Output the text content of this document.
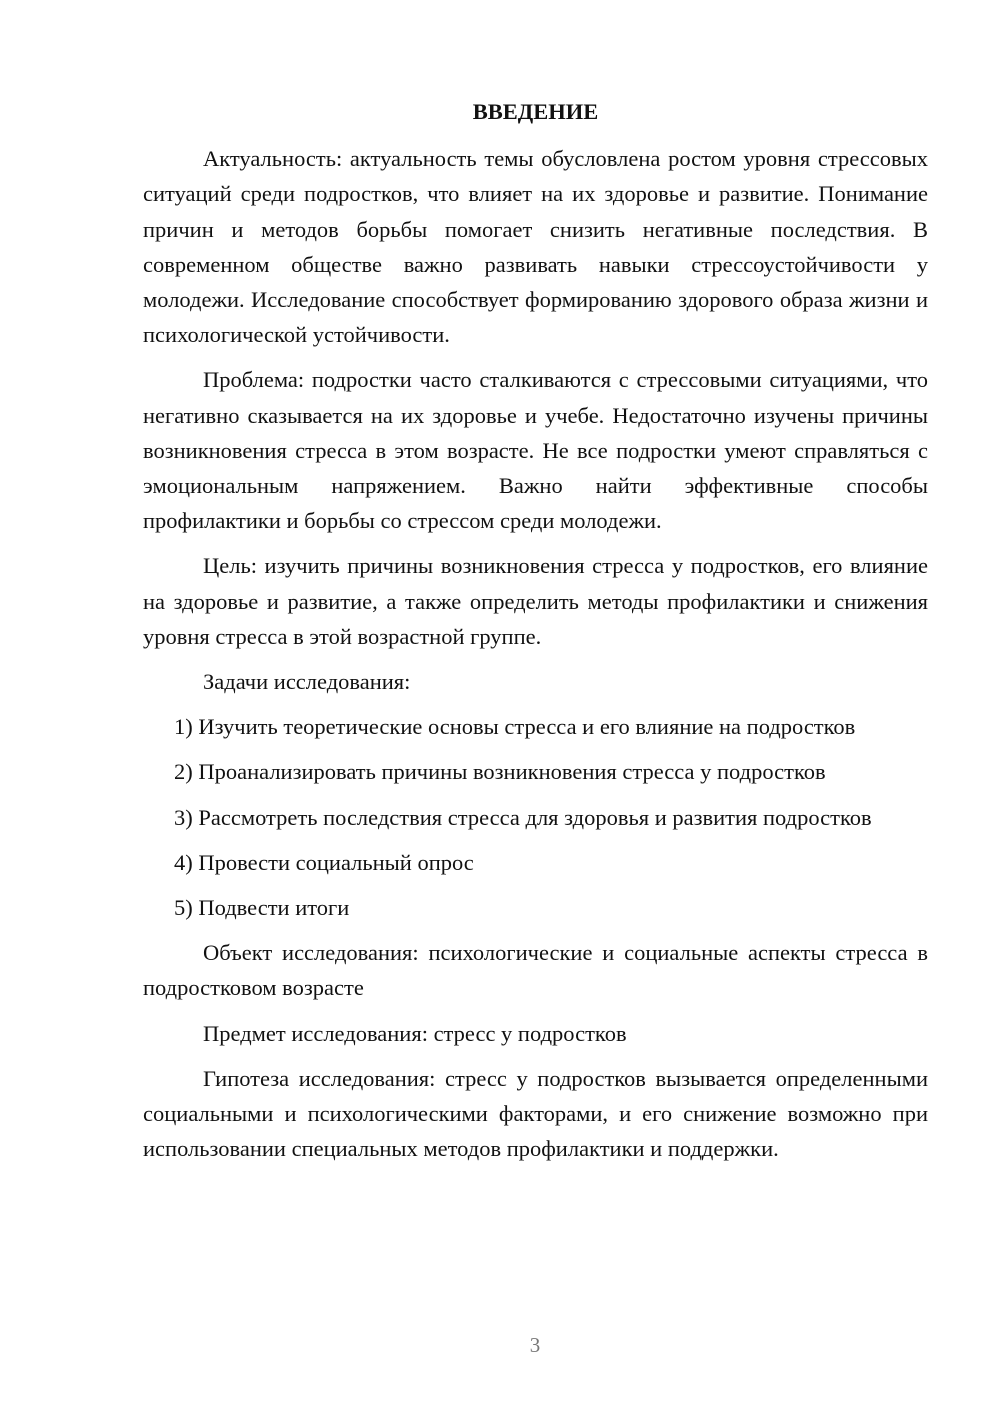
ВВЕДЕНИЕ

Актуальность: актуальность темы обусловлена ростом уровня стрессовых ситуаций среди подростков, что влияет на их здоровье и развитие. Понимание причин и методов борьбы помогает снизить негативные последствия. В современном обществе важно развивать навыки стрессоустойчивости у молодежи. Исследование способствует формированию здорового образа жизни и психологической устойчивости.

Проблема: подростки часто сталкиваются с стрессовыми ситуациями, что негативно сказывается на их здоровье и учебе. Недостаточно изучены причины возникновения стресса в этом возрасте. Не все подростки умеют справляться с эмоциональным напряжением. Важно найти эффективные способы профилактики и борьбы со стрессом среди молодежи.

Цель: изучить причины возникновения стресса у подростков, его влияние на здоровье и развитие, а также определить методы профилактики и снижения уровня стресса в этой возрастной группе.

Задачи исследования:

1) Изучить теоретические основы стресса и его влияние на подростков

2) Проанализировать причины возникновения стресса у подростков

3) Рассмотреть последствия стресса для здоровья и развития подростков

4) Провести социальный опрос

5) Подвести итоги

Объект исследования: психологические и социальные аспекты стресса в подростковом возрасте

Предмет исследования: стресс у подростков

Гипотеза исследования: стресс у подростков вызывается определенными социальными и психологическими факторами, и его снижение возможно при использовании специальных методов профилактики и поддержки.

3
